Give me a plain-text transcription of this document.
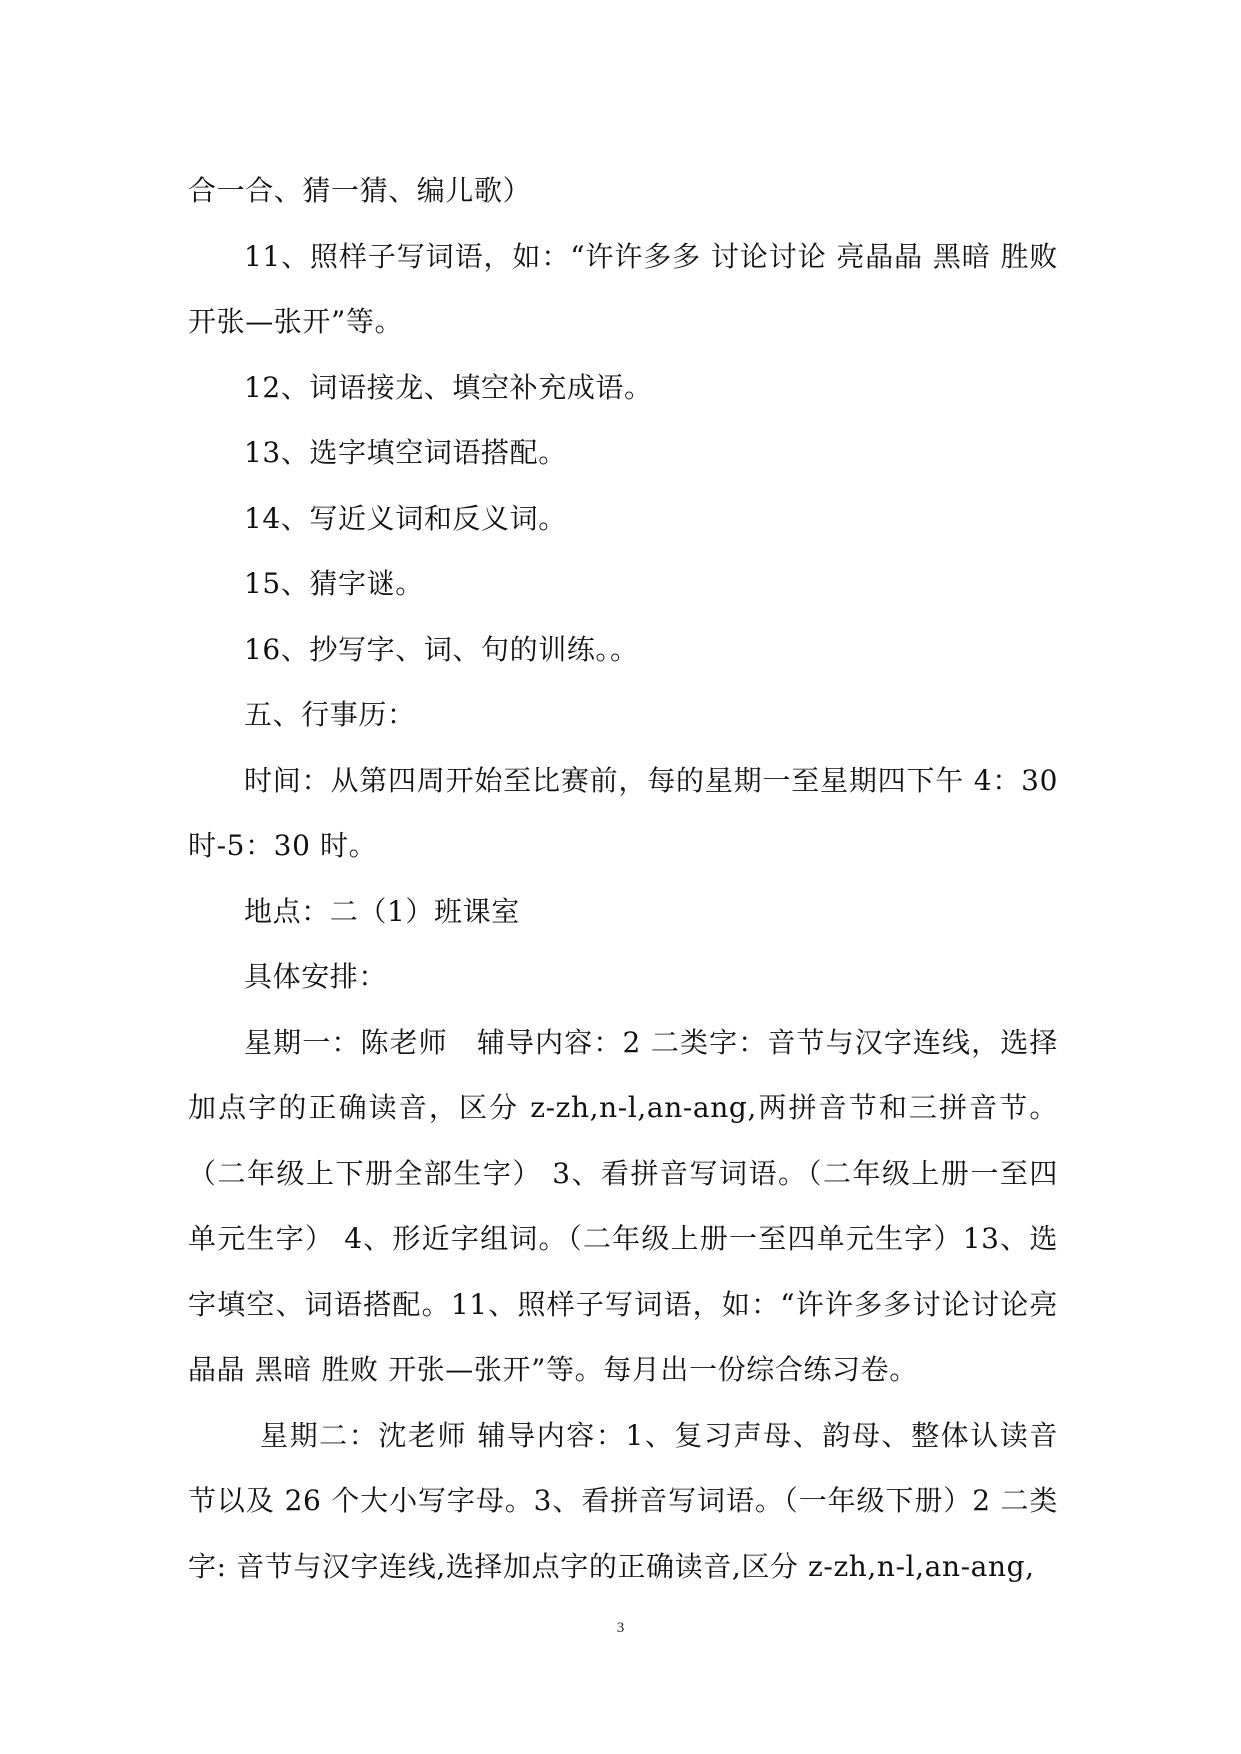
合一合、猜一猜、编儿歌）

11、照样子写词语，如：“许许多多 讨论讨论 亮晶晶 黑暗 胜败 开张—张开”等。

12、词语接龙、填空补充成语。

13、选字填空词语搭配。

14、写近义词和反义词。

15、猜字谜。

16、抄写字、词、句的训练。。

五、行事历：

时间：从第四周开始至比赛前，每的星期一至星期四下午 4：30 时-5：30 时。

地点：二（1）班课室

具体安排：

星期一：陈老师　辅导内容：2 二类字：音节与汉字连线，选择加点字的正确读音，区分 z-zh,n-l,an-ang,两拼音节和三拼音节。（二年级上下册全部生字） 3、看拼音写词语。（二年级上册一至四单元生字） 4、形近字组词。（二年级上册一至四单元生字）13、选字填空、词语搭配。11、照样子写词语，如：“许许多多讨论讨论亮晶晶 黑暗 胜败 开张—张开”等。每月出一份综合练习卷。

星期二：沈老师 辅导内容：1、复习声母、韵母、整体认读音节以及 26 个大小写字母。3、看拼音写词语。（一年级下册）2 二类字: 音节与汉字连线,选择加点字的正确读音,区分 z-zh,n-l,an-ang,

3
